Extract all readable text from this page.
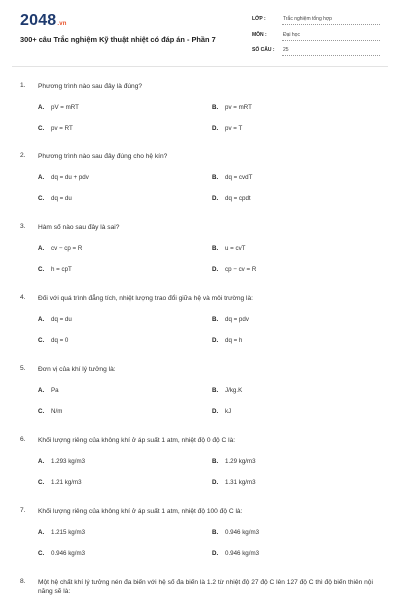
2048.vn
300+ câu Trắc nghiệm Kỹ thuật nhiệt có đáp án - Phần 7
LỚP :	Trắc nghiệm tổng hợp
MÔN :	Đại học
SỐ CÂU : 25
1. Phương trình nào sau đây là đúng?
A. pV = mRT	B. pv = mRT
C. pv = RT	D. pv = T
2. Phương trình nào sau đây đúng cho hệ kín?
A. dq = du + pdv	B. dq = cvdT
C. dq = du	D. dq = cpdt
3. Hàm số nào sau đây là sai?
A. cv − cp = R	B. u = cvT
C. h = cpT	D. cp − cv = R
4. Đối với quá trình đẳng tích, nhiệt lượng trao đổi giữa hệ và môi trường là:
A. dq = du	B. dq = pdv
C. dq = 0	D. dq = h
5. Đơn vị của khí lý tưởng là:
A. Pa	B. J/kg.K
C. N/m	D. kJ
6. Khối lượng riêng của không khí ở áp suất 1 atm, nhiệt độ 0 độ C là:
A. 1.293 kg/m3	B. 1.29 kg/m3
C. 1.21 kg/m3	D. 1.31 kg/m3
7. Khối lượng riêng của không khí ở áp suất 1 atm, nhiệt độ 100 độ C là:
A. 1.215 kg/m3	B. 0.946 kg/m3
C. 0.946 kg/m3	D. 0.946 kg/m3
8. Một hệ chất khí lý tưởng nén đa biến với hệ số đa biến là 1.2 từ nhiệt độ 27 độ C lên 127 độ C thì độ biến thiên nội năng sẽ là:
